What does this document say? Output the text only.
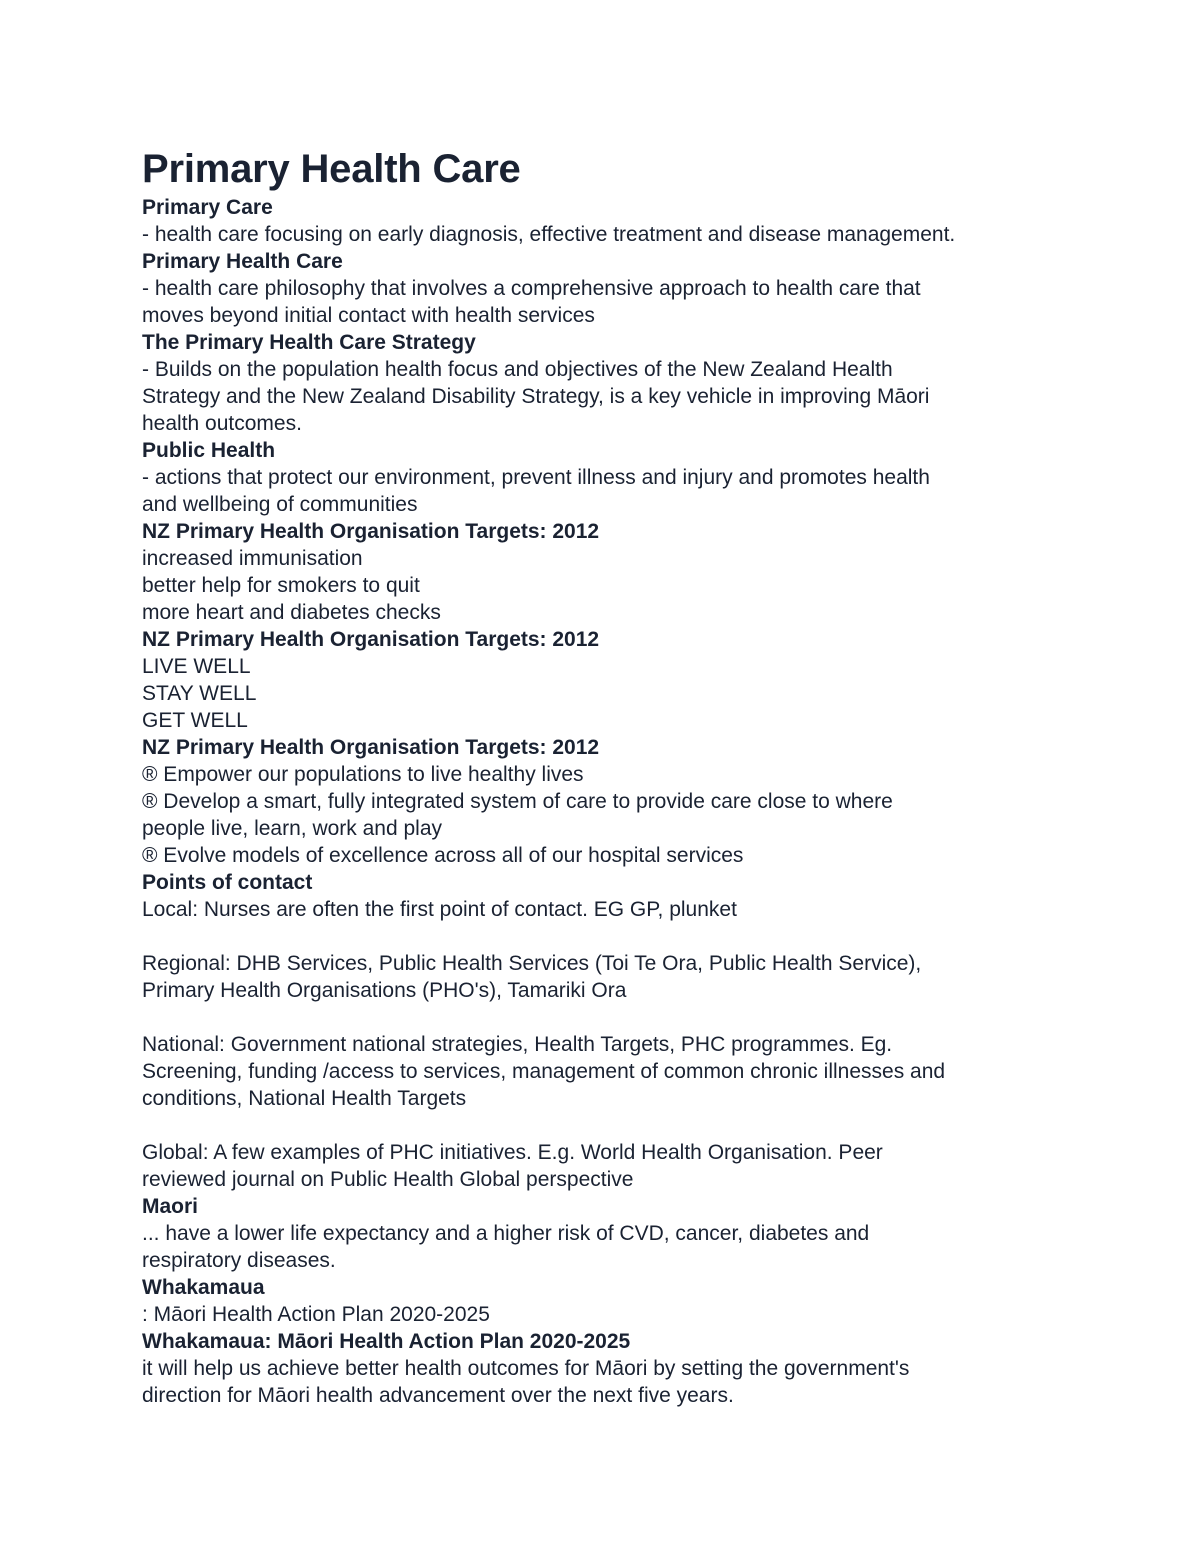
Primary Health Care
Primary Care
- health care focusing on early diagnosis, effective treatment and disease management.
Primary Health Care
- health care philosophy that involves a comprehensive approach to health care that
moves beyond initial contact with health services
The Primary Health Care Strategy
- Builds on the population health focus and objectives of the New Zealand Health
Strategy and the New Zealand Disability Strategy, is a key vehicle in improving Māori
health outcomes.
Public Health
- actions that protect our environment, prevent illness and injury and promotes health
and wellbeing of communities
NZ Primary Health Organisation Targets: 2012
increased immunisation
better help for smokers to quit
more heart and diabetes checks
NZ Primary Health Organisation Targets: 2012
LIVE WELL
STAY WELL
GET WELL
NZ Primary Health Organisation Targets: 2012
® Empower our populations to live healthy lives
® Develop a smart, fully integrated system of care to provide care close to where
people live, learn, work and play
® Evolve models of excellence across all of our hospital services
Points of contact
Local: Nurses are often the first point of contact. EG GP, plunket
Regional: DHB Services, Public Health Services (Toi Te Ora, Public Health Service),
Primary Health Organisations (PHO's), Tamariki Ora
National: Government national strategies, Health Targets, PHC programmes. Eg.
Screening, funding /access to services, management of common chronic illnesses and
conditions, National Health Targets
Global: A few examples of PHC initiatives. E.g. World Health Organisation. Peer
reviewed journal on Public Health Global perspective
Maori
... have a lower life expectancy and a higher risk of CVD, cancer, diabetes and
respiratory diseases.
Whakamaua
: Māori Health Action Plan 2020-2025
Whakamaua: Māori Health Action Plan 2020-2025
it will help us achieve better health outcomes for Māori by setting the government's
direction for Māori health advancement over the next five years.
